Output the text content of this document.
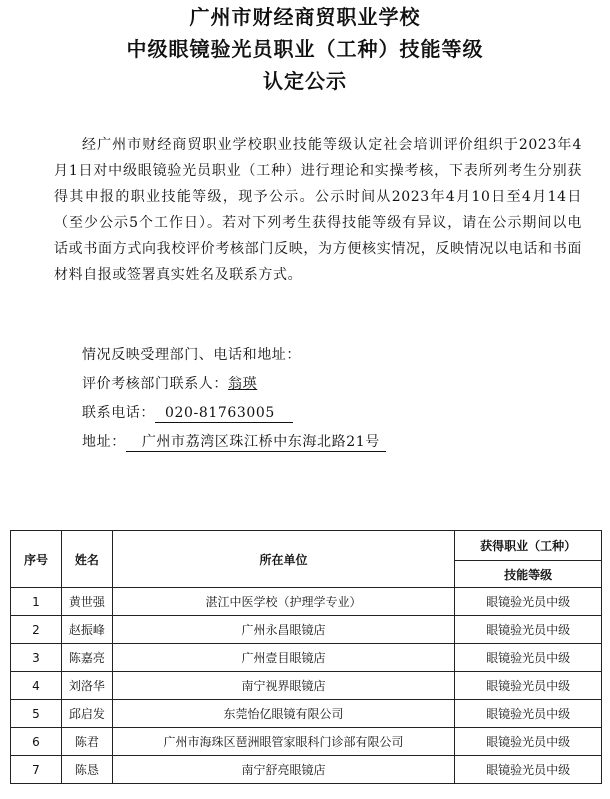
广州市财经商贸职业学校
中级眼镜验光员职业（工种）技能等级
认定公示
经广州市财经商贸职业学校职业技能等级认定社会培训评价组织于2023年4月1日对中级眼镜验光员职业（工种）进行理论和实操考核，下表所列考生分别获得其申报的职业技能等级，现予公示。公示时间从2023年4月10日至4月14日（至少公示5个工作日）。若对下列考生获得技能等级有异议，请在公示期间以电话或书面方式向我校评价考核部门反映，为方便核实情况，反映情况以电话和书面材料自报或签署真实姓名及联系方式。
情况反映受理部门、电话和地址：
评价考核部门联系人：翁瑛
联系电话： 020-81763005
地址： 广州市荔湾区珠江桥中东海北路21号
序号	姓名	所在单位	获得职业（工种）
			技能等级
1	黄世强	湛江中医学校（护理学专业）	眼镜验光员中级
2	赵振峰	广州永昌眼镜店	眼镜验光员中级
3	陈嘉亮	广州壹目眼镜店	眼镜验光员中级
4	刘洛华	南宁视界眼镜店	眼镜验光员中级
5	邱启发	东莞怡亿眼镜有限公司	眼镜验光员中级
6	陈君	广州市海珠区琶洲眼管家眼科门诊部有限公司	眼镜验光员中级
7	陈恳	南宁舒亮眼镜店	眼镜验光员中级
